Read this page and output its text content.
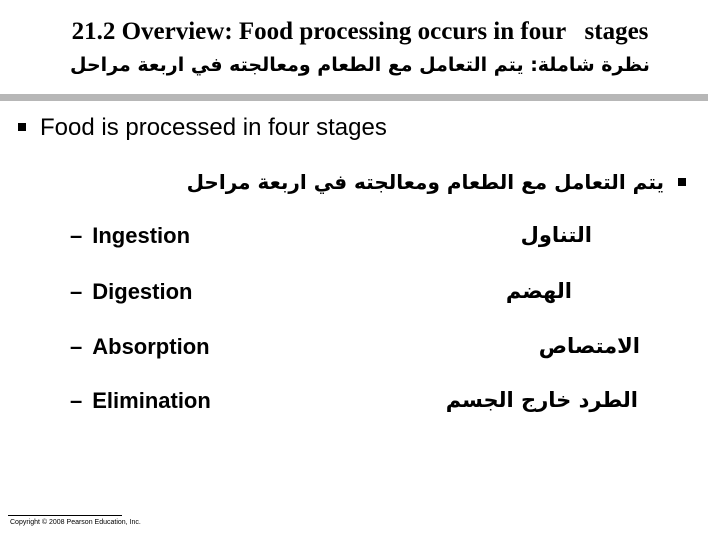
21.2 Overview: Food processing occurs in four   stages
نظرة شاملة: يتم التعامل مع الطعام ومعالجته في اربعة مراحل
Food is processed in four stages
يتم التعامل مع الطعام ومعالجته في اربعة مراحل
– Ingestion	التناول
– Digestion	الهضم
– Absorption	الامتصاص
– Elimination	الطرد خارج الجسم
Copyright © 2008 Pearson Education, Inc.
